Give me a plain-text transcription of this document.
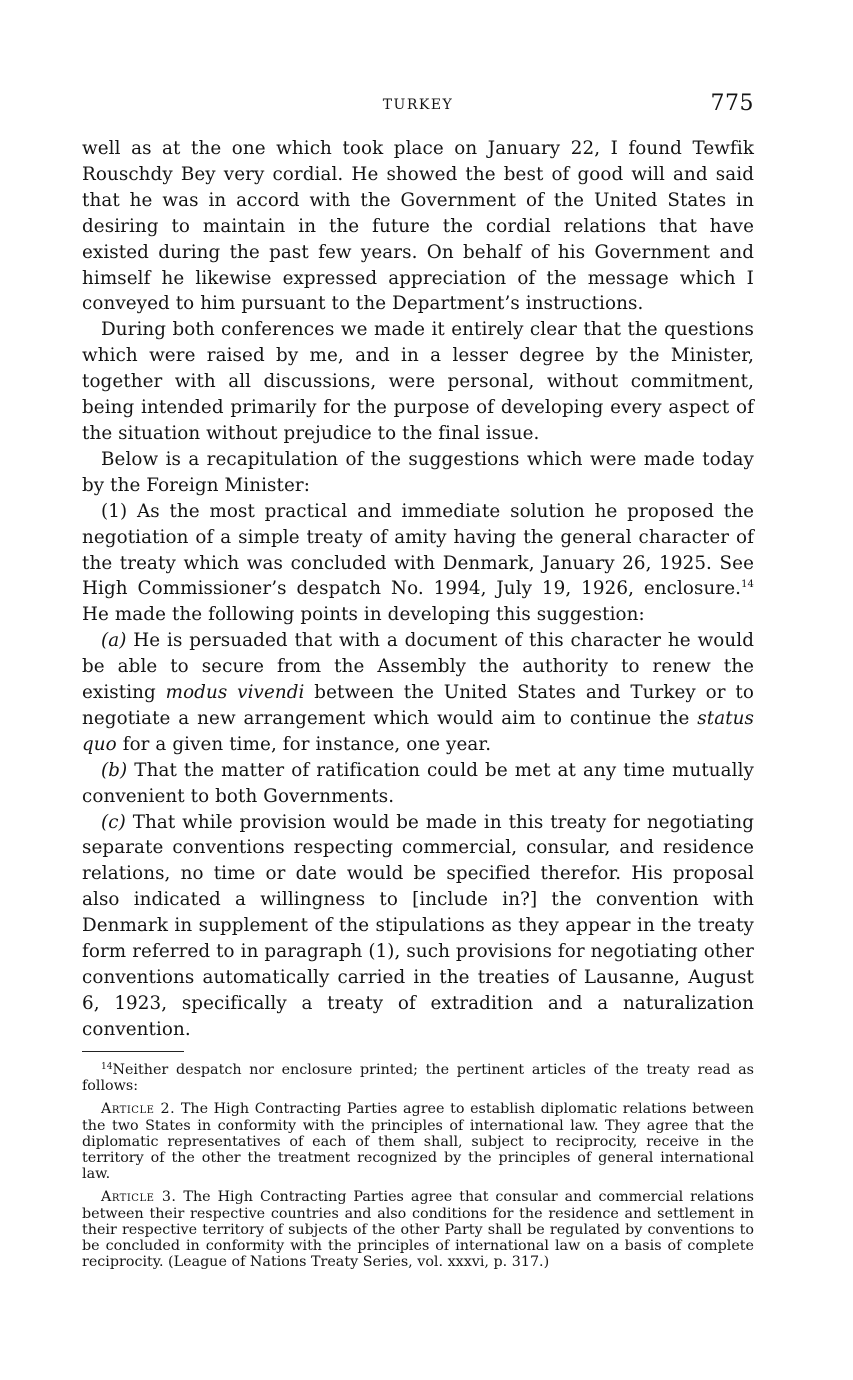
TURKEY	775

well as at the one which took place on January 22, I found Tewfik Rouschdy Bey very cordial. He showed the best of good will and said that he was in accord with the Government of the United States in desiring to maintain in the future the cordial relations that have existed during the past few years. On behalf of his Government and himself he likewise expressed appreciation of the message which I conveyed to him pursuant to the Department’s instructions.

During both conferences we made it entirely clear that the questions which were raised by me, and in a lesser degree by the Minister, together with all discussions, were personal, without commitment, being intended primarily for the purpose of developing every aspect of the situation without prejudice to the final issue.

Below is a recapitulation of the suggestions which were made today by the Foreign Minister:

(1) As the most practical and immediate solution he proposed the negotiation of a simple treaty of amity having the general character of the treaty which was concluded with Denmark, January 26, 1925. See High Commissioner’s despatch No. 1994, July 19, 1926, enclosure.$^{14}$ He made the following points in developing this suggestion:

(a) He is persuaded that with a document of this character he would be able to secure from the Assembly the authority to renew the existing modus vivendi between the United States and Turkey or to negotiate a new arrangement which would aim to continue the status quo for a given time, for instance, one year.

(b) That the matter of ratification could be met at any time mutually convenient to both Governments.

(c) That while provision would be made in this treaty for negotiating separate conventions respecting commercial, consular, and residence relations, no time or date would be specified therefor. His proposal also indicated a willingness to [include in?] the convention with Denmark in supplement of the stipulations as they appear in the treaty form referred to in paragraph (1), such provisions for negotiating other conventions automatically carried in the treaties of Lausanne, August 6, 1923, specifically a treaty of extradition and a naturalization convention.

$^{14}$Neither despatch nor enclosure printed; the pertinent articles of the treaty read as follows:

Article 2. The High Contracting Parties agree to establish diplomatic relations between the two States in conformity with the principles of international law. They agree that the diplomatic representatives of each of them shall, subject to reciprocity, receive in the territory of the other the treatment recognized by the principles of general international law.

Article 3. The High Contracting Parties agree that consular and commercial relations between their respective countries and also conditions for the residence and settlement in their respective territory of subjects of the other Party shall be regulated by conventions to be concluded in conformity with the principles of international law on a basis of complete reciprocity. (League of Nations Treaty Series, vol. xxxvi, p. 317.)
